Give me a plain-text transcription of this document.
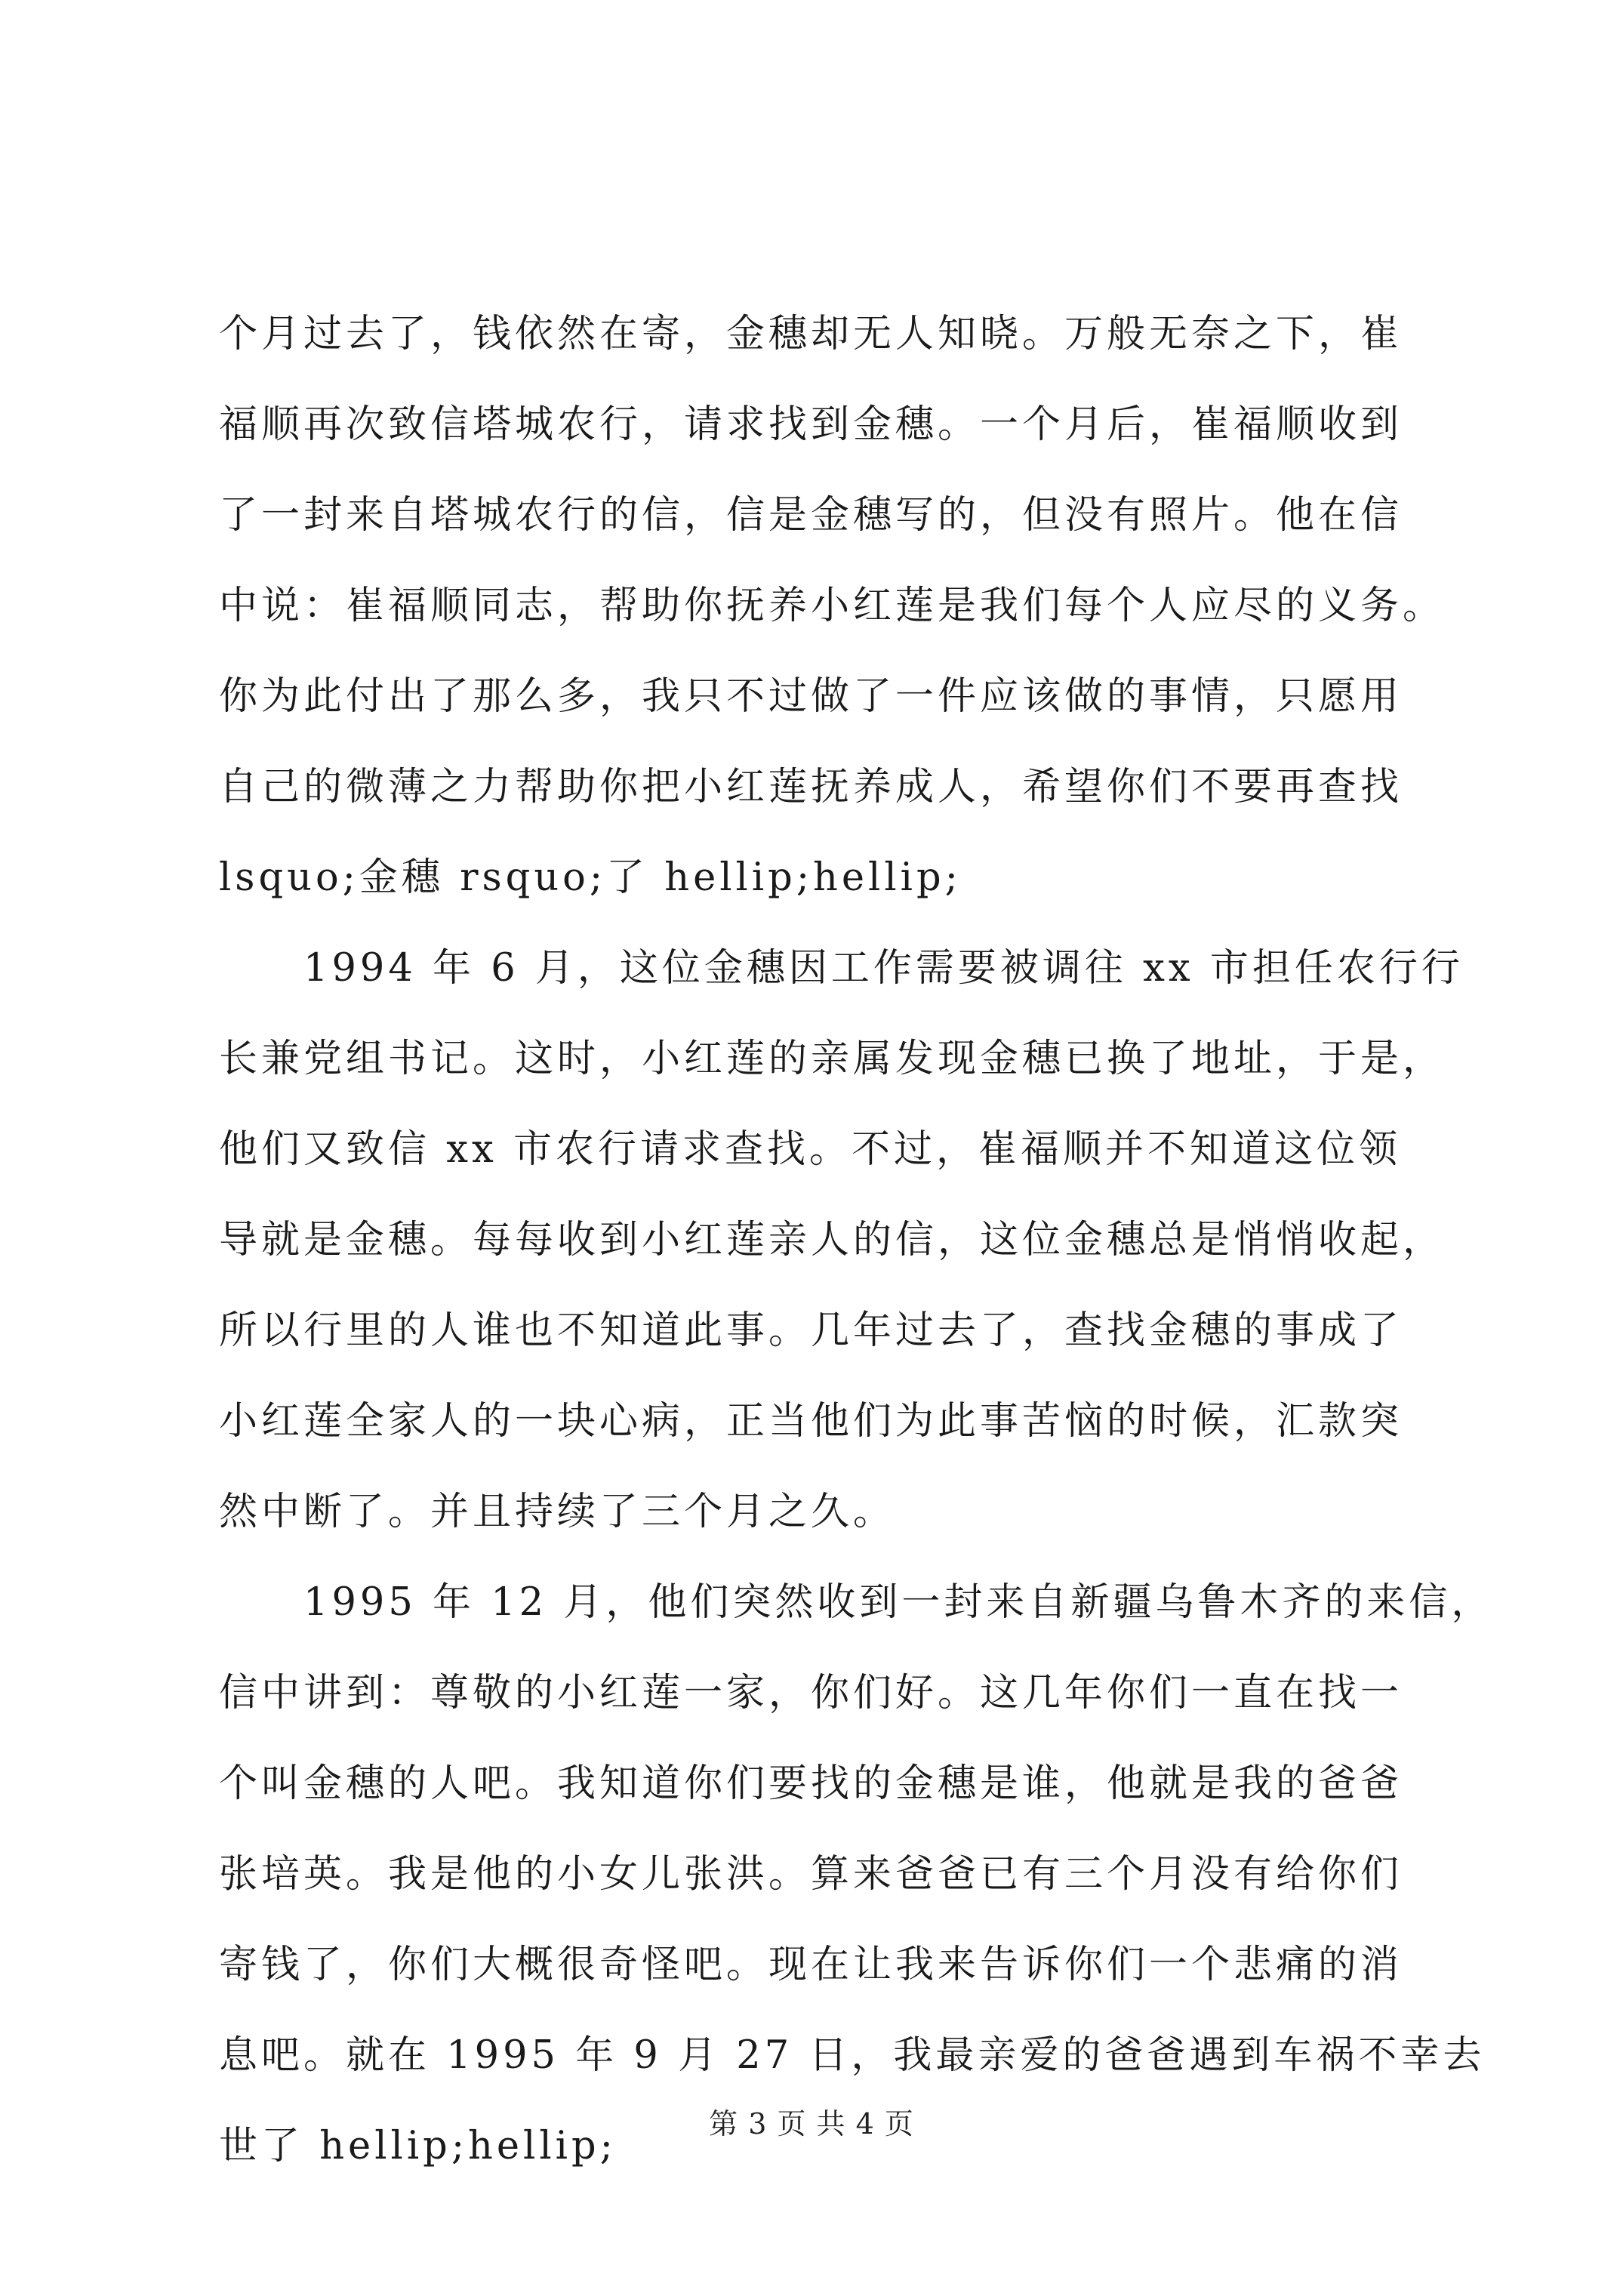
个月过去了，钱依然在寄，金穗却无人知晓。万般无奈之下，崔
福顺再次致信塔城农行，请求找到金穗。一个月后，崔福顺收到
了一封来自塔城农行的信，信是金穗写的，但没有照片。他在信
中说：崔福顺同志，帮助你抚养小红莲是我们每个人应尽的义务。
你为此付出了那么多，我只不过做了一件应该做的事情，只愿用
自己的微薄之力帮助你把小红莲抚养成人，希望你们不要再查找
lsquo;金穗 rsquo;了 hellip;hellip;
　　1994 年 6 月，这位金穗因工作需要被调往 xx 市担任农行行
长兼党组书记。这时，小红莲的亲属发现金穗已换了地址，于是，
他们又致信 xx 市农行请求查找。不过，崔福顺并不知道这位领
导就是金穗。每每收到小红莲亲人的信，这位金穗总是悄悄收起，
所以行里的人谁也不知道此事。几年过去了，查找金穗的事成了
小红莲全家人的一块心病，正当他们为此事苦恼的时候，汇款突
然中断了。并且持续了三个月之久。
　　1995 年 12 月，他们突然收到一封来自新疆乌鲁木齐的来信，
信中讲到：尊敬的小红莲一家，你们好。这几年你们一直在找一
个叫金穗的人吧。我知道你们要找的金穗是谁，他就是我的爸爸
张培英。我是他的小女儿张洪。算来爸爸已有三个月没有给你们
寄钱了，你们大概很奇怪吧。现在让我来告诉你们一个悲痛的消
息吧。就在 1995 年 9 月 27 日，我最亲爱的爸爸遇到车祸不幸去
世了 hellip;hellip;	第 3 页 共 4 页
